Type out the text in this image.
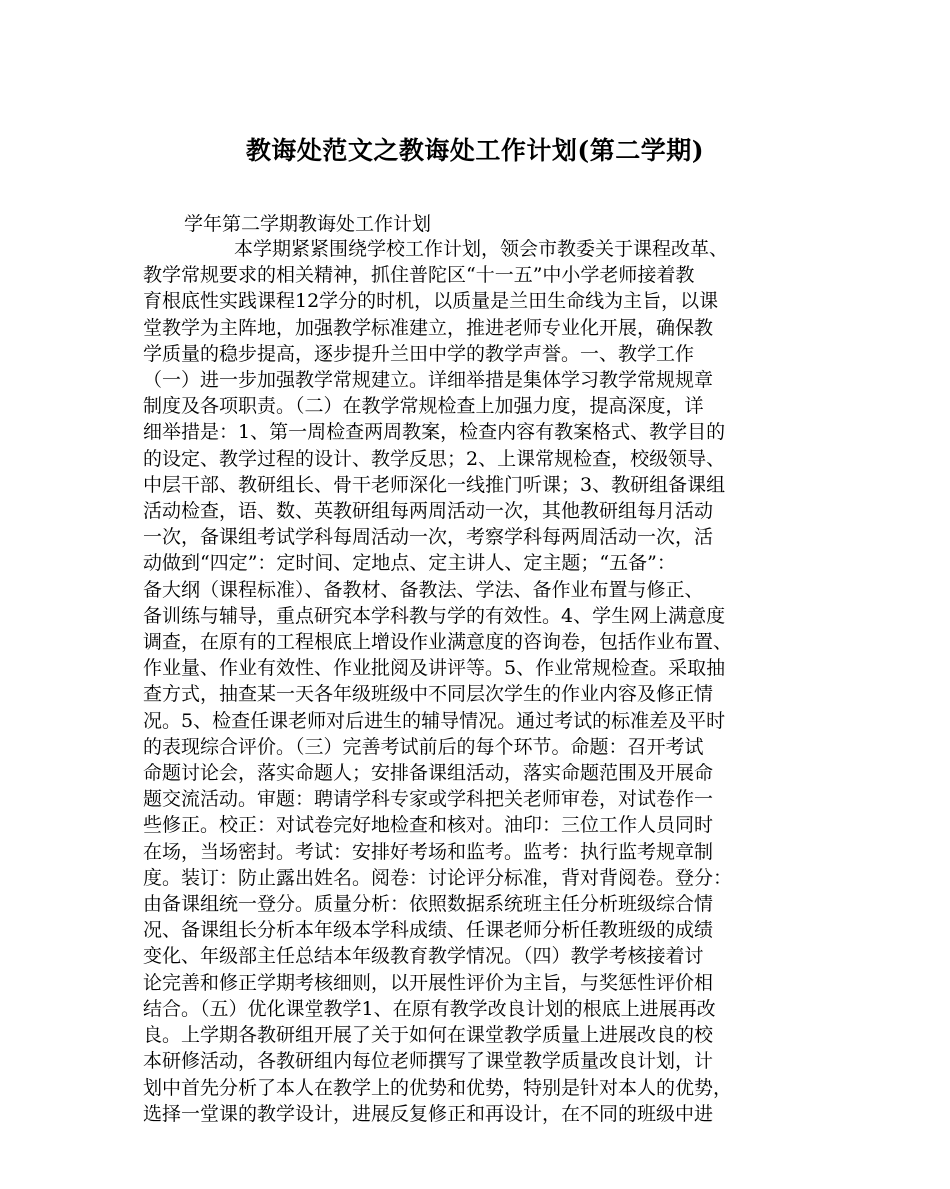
教诲处范文之教诲处工作计划(第二学期)

学年第二学期教诲处工作计划

本学期紧紧围绕学校工作计划，领会市教委关于课程改革、
教学常规要求的相关精神，抓住普陀区“十一五”中小学老师接着教
育根底性实践课程12学分的时机，以质量是兰田生命线为主旨，以课
堂教学为主阵地，加强教学标准建立，推进老师专业化开展，确保教
学质量的稳步提高，逐步提升兰田中学的教学声誉。一、教学工作
（一）进一步加强教学常规建立。详细举措是集体学习教学常规规章
制度及各项职责。（二）在教学常规检查上加强力度，提高深度，详
细举措是：1、第一周检查两周教案，检查内容有教案格式、教学目的
的设定、教学过程的设计、教学反思；2、上课常规检查，校级领导、
中层干部、教研组长、骨干老师深化一线推门听课；3、教研组备课组
活动检查，语、数、英教研组每两周活动一次，其他教研组每月活动
一次，备课组考试学科每周活动一次，考察学科每两周活动一次，活
动做到“四定”：定时间、定地点、定主讲人、定主题；“五备”：
备大纲（课程标准）、备教材、备教法、学法、备作业布置与修正、
备训练与辅导，重点研究本学科教与学的有效性。4、学生网上满意度
调查，在原有的工程根底上增设作业满意度的咨询卷，包括作业布置、
作业量、作业有效性、作业批阅及讲评等。5、作业常规检查。采取抽
查方式，抽查某一天各年级班级中不同层次学生的作业内容及修正情
况。5、检查任课老师对后进生的辅导情况。通过考试的标准差及平时
的表现综合评价。（三）完善考试前后的每个环节。命题：召开考试
命题讨论会，落实命题人；安排备课组活动，落实命题范围及开展命
题交流活动。审题：聘请学科专家或学科把关老师审卷，对试卷作一
些修正。校正：对试卷完好地检查和核对。油印：三位工作人员同时
在场，当场密封。考试：安排好考场和监考。监考：执行监考规章制
度。装订：防止露出姓名。阅卷：讨论评分标准，背对背阅卷。登分：
由备课组统一登分。质量分析：依照数据系统班主任分析班级综合情
况、备课组长分析本年级本学科成绩、任课老师分析任教班级的成绩
变化、年级部主任总结本年级教育教学情况。（四）教学考核接着讨
论完善和修正学期考核细则，以开展性评价为主旨，与奖惩性评价相
结合。（五）优化课堂教学1、在原有教学改良计划的根底上进展再改
良。上学期各教研组开展了关于如何在课堂教学质量上进展改良的校
本研修活动，各教研组内每位老师撰写了课堂教学质量改良计划，计
划中首先分析了本人在教学上的优势和优势，特别是针对本人的优势，
选择一堂课的教学设计，进展反复修正和再设计，在不同的班级中进
